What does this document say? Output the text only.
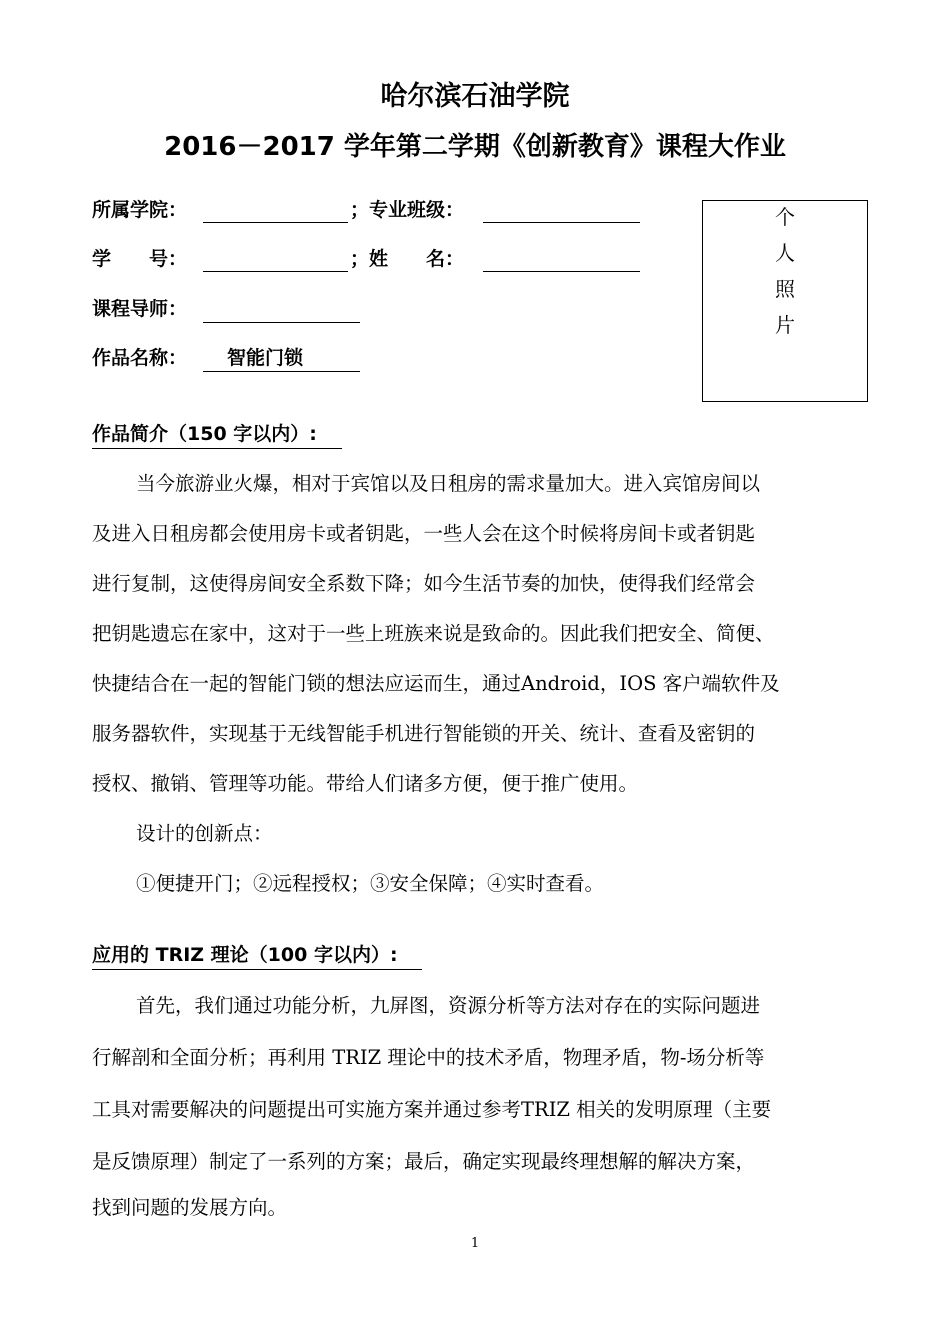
哈尔滨石油学院
2016－2017 学年第二学期《创新教育》课程大作业
所属学院：	；专业班级：
学　　号：	；姓　　名：
课程导师：
作品名称： 智能门锁
个
人
照
片
作品简介（150 字以内）:
当今旅游业火爆，相对于宾馆以及日租房的需求量加大。进入宾馆房间以
及进入日租房都会使用房卡或者钥匙，一些人会在这个时候将房间卡或者钥匙
进行复制，这使得房间安全系数下降；如今生活节奏的加快，使得我们经常会
把钥匙遗忘在家中，这对于一些上班族来说是致命的。因此我们把安全、简便、
快捷结合在一起的智能门锁的想法应运而生，通过Android，IOS 客户端软件及
服务器软件，实现基于无线智能手机进行智能锁的开关、统计、查看及密钥的
授权、撤销、管理等功能。带给人们诸多方便，便于推广使用。
设计的创新点：
①便捷开门；②远程授权；③安全保障；④实时查看。
应用的 TRIZ 理论（100 字以内）:
首先，我们通过功能分析，九屏图，资源分析等方法对存在的实际问题进
行解剖和全面分析；再利用 TRIZ 理论中的技术矛盾，物理矛盾，物-场分析等
工具对需要解决的问题提出可实施方案并通过参考TRIZ 相关的发明原理（主要
是反馈原理）制定了一系列的方案；最后，确定实现最终理想解的解决方案，
找到问题的发展方向。
1
